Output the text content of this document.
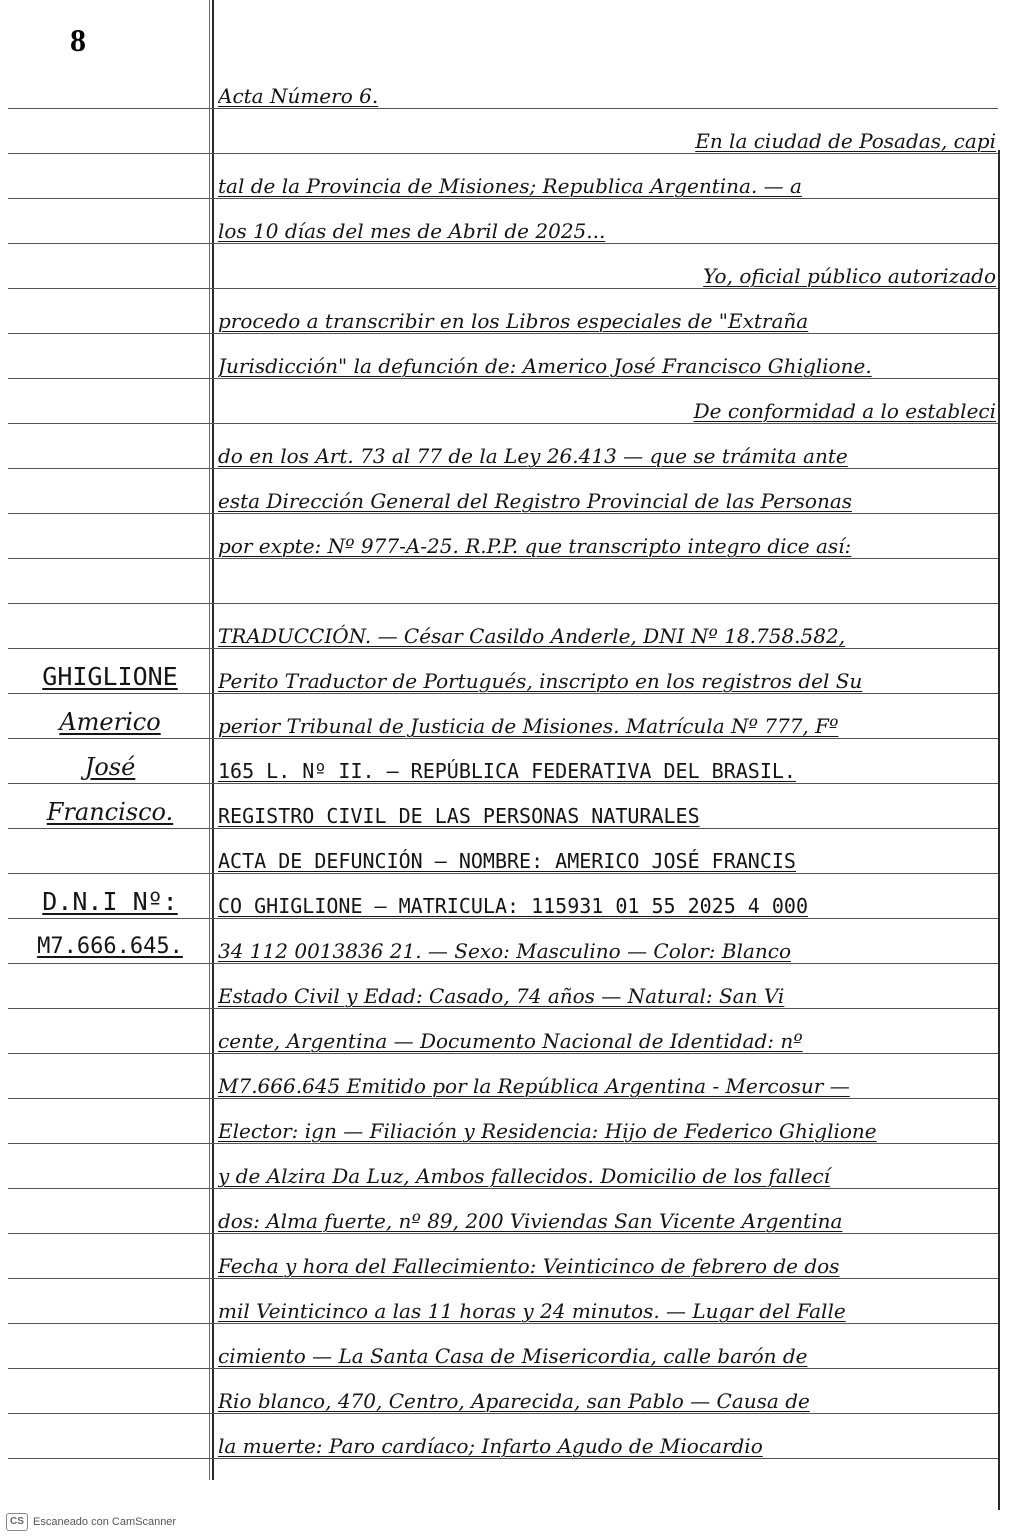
8
Acta Número 6.
En la ciudad de Posadas, capi
tal de la Provincia de Misiones; Republica Argentina. — a
los 10 días del mes de Abril de 2025...
Yo, oficial público autorizado
procedo a transcribir en los Libros especiales de "Extraña
Jurisdicción" la defunción de: Americo José Francisco Ghiglione.
De conformidad a lo estableci
do en los Art. 73 al 77 de la Ley 26.413 — que se trámita ante
esta Dirección General del Registro Provincial de las Personas
por expte: Nº 977-A-25. R.P.P. que transcripto integro dice así:
TRADUCCIÓN. — César Casildo Anderle, DNI Nº 18.758.582,
Perito Traductor de Portugués, inscripto en los registros del Su
perior Tribunal de Justicia de Misiones. Matrícula Nº 777, Fº
165 L. Nº II. — REPÚBLICA FEDERATIVA DEL BRASIL.
REGISTRO CIVIL DE LAS PERSONAS NATURALES
ACTA DE DEFUNCIÓN — NOMBRE: AMERICO JOSÉ FRANCIS
CO GHIGLIONE — MATRICULA: 115931 01 55 2025 4 000
34 112 0013836 21. — Sexo: Masculino — Color: Blanco
Estado Civil y Edad: Casado, 74 años — Natural: San Vi
cente, Argentina — Documento Nacional de Identidad: nº
M7.666.645 Emitido por la República Argentina - Mercosur —
Elector: ign — Filiación y Residencia: Hijo de Federico Ghiglione
y de Alzira Da Luz, Ambos fallecidos. Domicilio de los fallecí
dos: Alma fuerte, nº 89, 200 Viviendas San Vicente Argentina
Fecha y hora del Fallecimiento: Veinticinco de febrero de dos
mil Veinticinco a las 11 horas y 24 minutos. — Lugar del Falle
cimiento — La Santa Casa de Misericordia, calle barón de
Rio blanco, 470, Centro, Aparecida, san Pablo — Causa de
la muerte: Paro cardíaco; Infarto Agudo de Miocardio
GHIGLIONE
Americo
José
Francisco.
D.N.I Nº:
M7.666.645.
CS Escaneado con CamScanner
